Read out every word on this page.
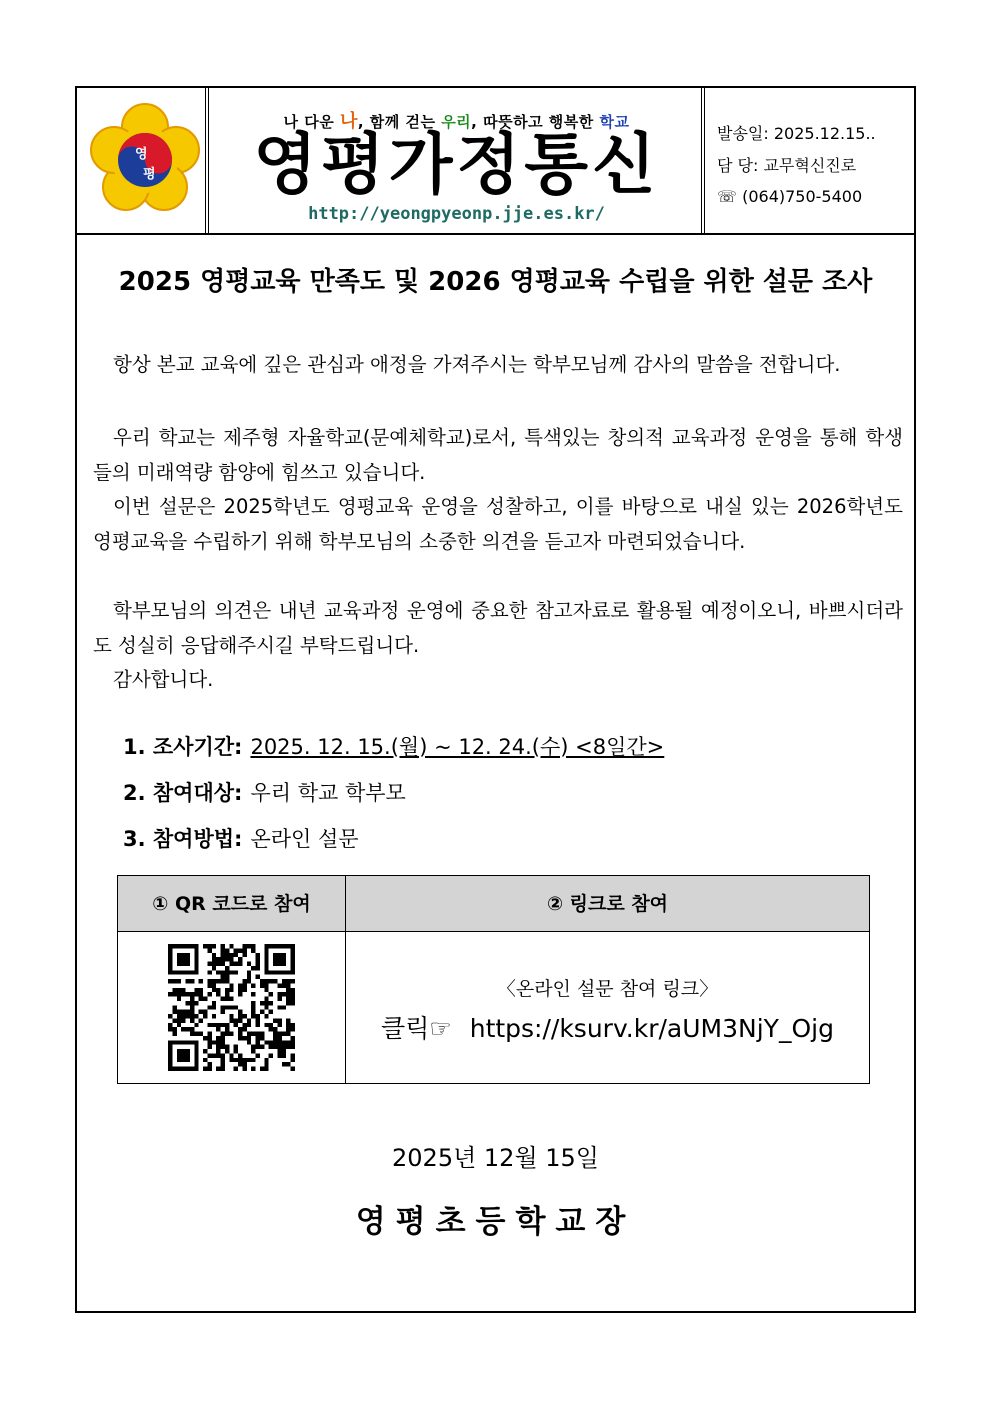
영
평
나 다운 나, 함께 걷는 우리, 따뜻하고 행복한 학교
영평가정통신
http://yeongpyeonp.jje.es.kr/
발송일: 2025.12.15..
담 당: 교무혁신진로
☏ (064)750-5400
2025 영평교육 만족도 및 2026 영평교육 수립을 위한 설문 조사
항상 본교 교육에 깊은 관심과 애정을 가져주시는 학부모님께 감사의 말씀을 전합니다.
우리 학교는 제주형 자율학교(문예체학교)로서, 특색있는 창의적 교육과정 운영을 통해 학생들의 미래역량 함양에 힘쓰고 있습니다.
이번 설문은 2025학년도 영평교육 운영을 성찰하고, 이를 바탕으로 내실 있는 2026학년도 영평교육을 수립하기 위해 학부모님의 소중한 의견을 듣고자 마련되었습니다.
학부모님의 의견은 내년 교육과정 운영에 중요한 참고자료로 활용될 예정이오니, 바쁘시더라도 성실히 응답해주시길 부탁드립니다.
감사합니다.
1. 조사기간: 2025. 12. 15.(월) ~ 12. 24.(수) <8일간>
2. 참여대상: 우리 학교 학부모
3. 참여방법: 온라인 설문
① QR 코드로 참여	② 링크로 참여
〈온라인 설문 참여 링크〉
클릭☞ https://ksurv.kr/aUM3NjY_Ojg
2025년 12월 15일
영평초등학교장
